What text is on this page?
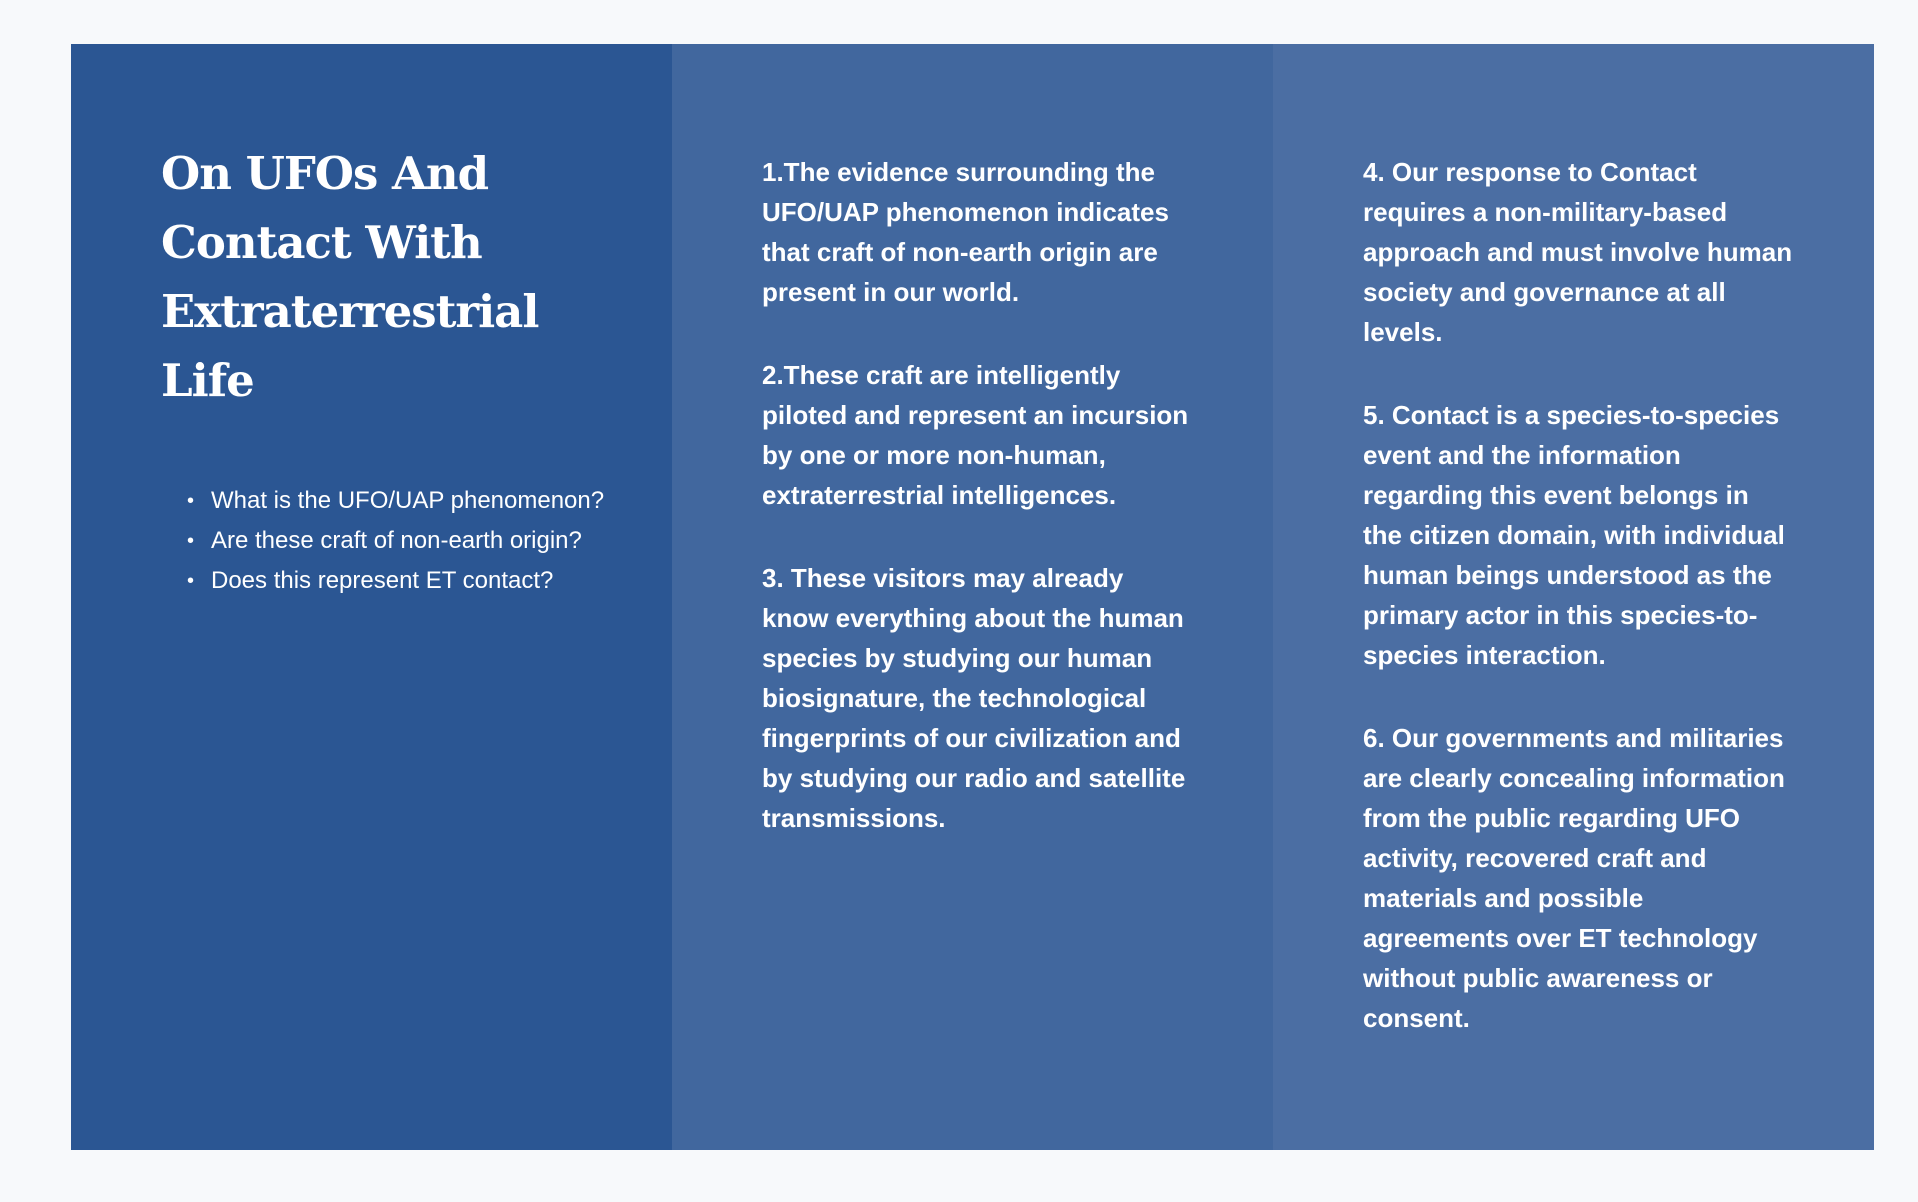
On UFOs And Contact With Extraterrestrial Life
• What is the UFO/UAP phenomenon?
• Are these craft of non-earth origin?
• Does this represent ET contact?

1.The evidence surrounding the UFO/UAP phenomenon indicates that craft of non-earth origin are present in our world.

2.These craft are intelligently piloted and represent an incursion by one or more non-human, extraterrestrial intelligences.

3. These visitors may already know everything about the human species by studying our human biosignature, the technological fingerprints of our civilization and by studying our radio and satellite transmissions.

4. Our response to Contact requires a non-military-based approach and must involve human society and governance at all levels.

5. Contact is a species-to-species event and the information regarding this event belongs in the citizen domain, with individual human beings understood as the primary actor in this species-to-species interaction.

6. Our governments and militaries are clearly concealing information from the public regarding UFO activity, recovered craft and materials and possible agreements over ET technology without public awareness or consent.
